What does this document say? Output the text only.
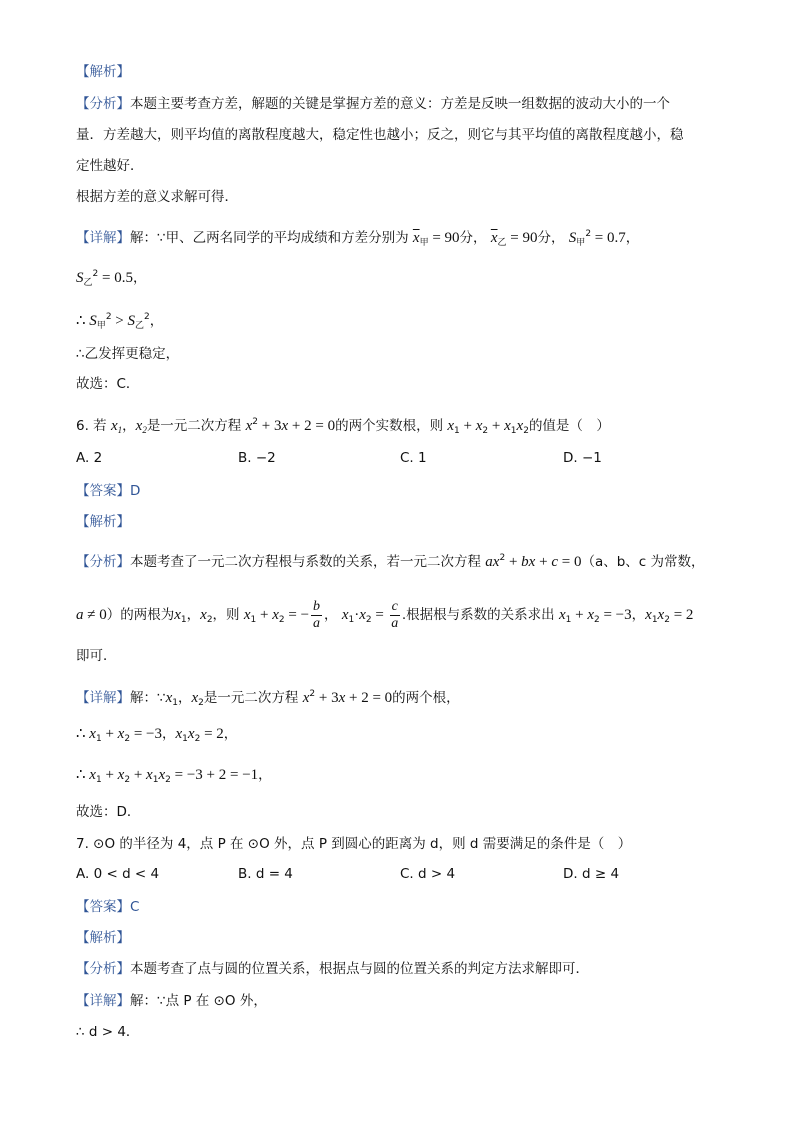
【解析】
【分析】本题主要考查方差，解题的关键是掌握方差的意义：方差是反映一组数据的波动大小的一个
量．方差越大，则平均值的离散程度越大，稳定性也越小；反之，则它与其平均值的离散程度越小，稳
定性越好．
根据方差的意义求解可得．
【详解】解：∵甲、乙两名同学的平均成绩和方差分别为 $\overline{x}_甲 = 90$分， $\overline{x}_乙 = 90$分， $S_甲^2 = 0.7$，
$S_乙^2 = 0.5$，
∴ $S_甲^2 > S_乙^2$，
∴乙发挥更稳定，
故选：C．
6. 若 $x_1$，$x_2$是一元二次方程 $x^2 + 3x + 2 = 0$的两个实数根，则 $x_1 + x_2 + x_1x_2$的值是（　）
A. 2	B. −2	C. 1	D. −1
【答案】D
【解析】
【分析】本题考查了一元二次方程根与系数的关系，若一元二次方程 $ax^2$ + bx + c = 0（a、b、c 为常数，
a ≠ 0）的两根为$x_1$，$x_2$，则 $x_1 + x_2$ = − $\frac{b}{a}$ ， $x_1\cdot x_2 = \frac{c}{a}$ .根据根与系数的关系求出 $x_1 + x_2 = -3$，$x_1x_2 = 2$
即可．
【详解】解：$\because x_1$，$x_2$是一元二次方程 $x^2 + 3x + 2 = 0$的两个根，
∴ $x_1 + x_2 = -3$，$x_1x_2 = 2$，
∴ $x_1 + x_2 + x_1x_2 = -3 + 2 = -1$，
故选：D．
7. ⊙O 的半径为 4，点 P 在 ⊙O 外，点 P 到圆心的距离为 d，则 d 需要满足的条件是（　）
A. 0 < d < 4	B. d = 4	C. d > 4	D. d ≥ 4
【答案】C
【解析】
【分析】本题考查了点与圆的位置关系，根据点与圆的位置关系的判定方法求解即可．
【详解】解：∵点 P 在 ⊙O 外，
∴ d > 4．
